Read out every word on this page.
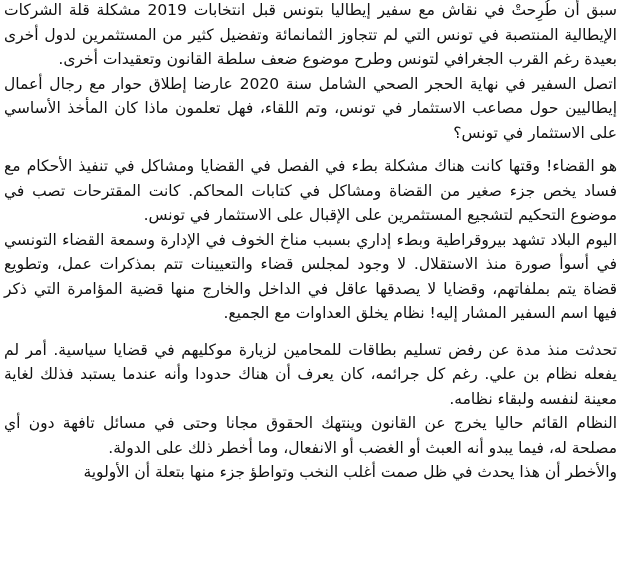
سبق أن طُرِحتْ في نقاش مع سفير إيطاليا بتونس قبل انتخابات 2019 مشكلة قلة الشركات الإيطالية المنتصبة في تونس التي لم تتجاوز الثمانمائة وتفضيل كثير من المستثمرين لدول أخرى بعيدة رغم القرب الجغرافي لتونس وطرح موضوع ضعف سلطة القانون وتعقيدات أخرى.

اتصل السفير في نهاية الحجر الصحي الشامل سنة 2020 عارضا إطلاق حوار مع رجال أعمال إيطاليين حول مصاعب الاستثمار في تونس، وتم اللقاء، فهل تعلمون ماذا كان المأخذ الأساسي على الاستثمار في تونس؟

هو القضاء! وقتها كانت هناك مشكلة بطء في الفصل في القضايا ومشاكل في تنفيذ الأحكام مع فساد يخص جزء صغير من القضاة ومشاكل في كتابات المحاكم. كانت المقترحات تصب في موضوع التحكيم لتشجيع المستثمرين على الإقبال على الاستثمار في تونس.

اليوم البلاد تشهد بيروقراطية وبطء إداري بسبب مناخ الخوف في الإدارة وسمعة القضاء التونسي في أسوأ صورة منذ الاستقلال. لا وجود لمجلس قضاء والتعيينات تتم بمذكرات عمل، وتطويع قضاة يتم بملفاتهم، وقضايا لا يصدقها عاقل في الداخل والخارج منها قضية المؤامرة التي ذكر فيها اسم السفير المشار إليه! نظام يخلق العداوات مع الجميع.

تحدثت منذ مدة عن رفض تسليم بطاقات للمحامين لزيارة موكليهم في قضايا سياسية. أمر لم يفعله نظام بن علي. رغم كل جرائمه، كان يعرف أن هناك حدودا وأنه عندما يستبد فذلك لغاية معينة لنفسه ولبقاء نظامه.

النظام القائم حاليا يخرج عن القانون وينتهك الحقوق مجانا وحتى في مسائل تافهة دون أي مصلحة له، فيما يبدو أنه العبث أو الغضب أو الانفعال، وما أخطر ذلك على الدولة.

والأخطر أن هذا يحدث في ظل صمت أغلب النخب وتواطؤ جزء منها بتعلة أن الأولوية
